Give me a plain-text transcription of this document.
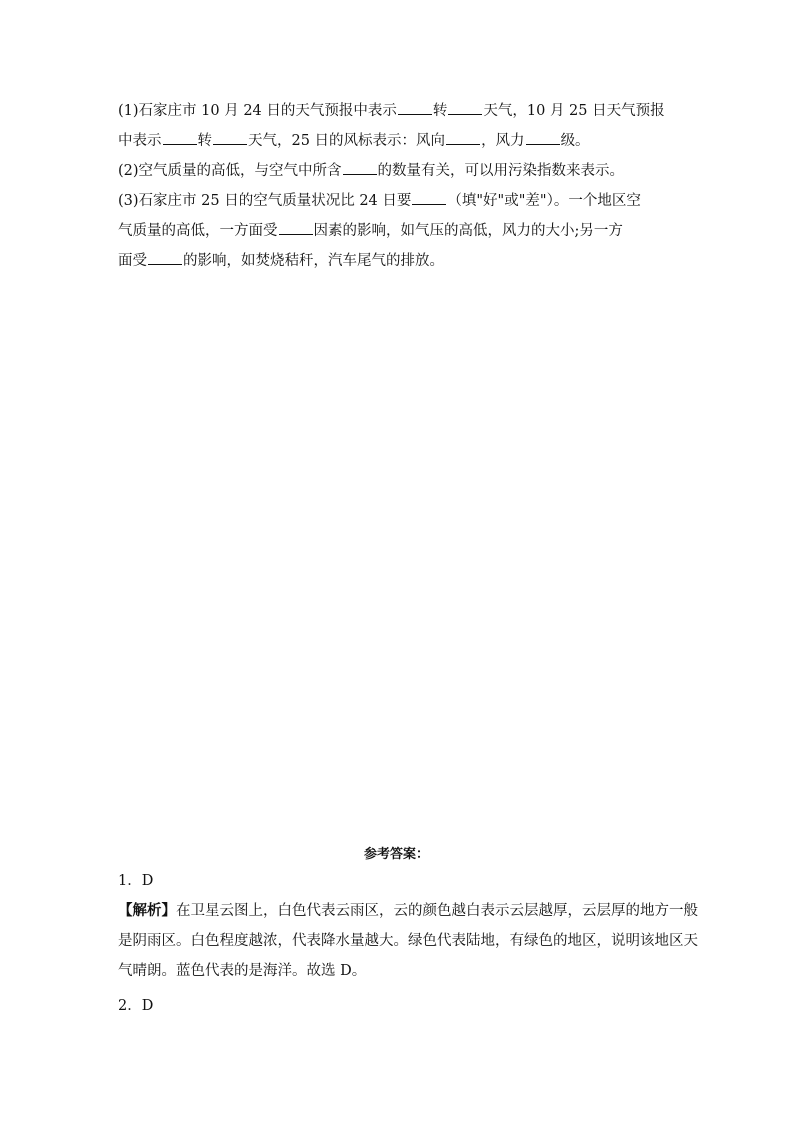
(1)石家庄市 10 月 24 日的天气预报中表示 转 天气，10 月 25 日天气预报
中表示 转 天气，25 日的风标表示：风向 ，风力 级。
(2)空气质量的高低，与空气中所含 的数量有关，可以用污染指数来表示。
(3)石家庄市 25 日的空气质量状况比 24 日要 （填"好"或"差"）。一个地区空
气质量的高低，一方面受 因素的影响，如气压的高低，风力的大小;另一方
面受 的影响，如焚烧秸秆，汽车尾气的排放。

参考答案：

1．D

【解析】在卫星云图上，白色代表云雨区，云的颜色越白表示云层越厚，云层厚的地方一般
是阴雨区。白色程度越浓，代表降水量越大。绿色代表陆地，有绿色的地区，说明该地区天
气晴朗。蓝色代表的是海洋。故选 D。

2．D
